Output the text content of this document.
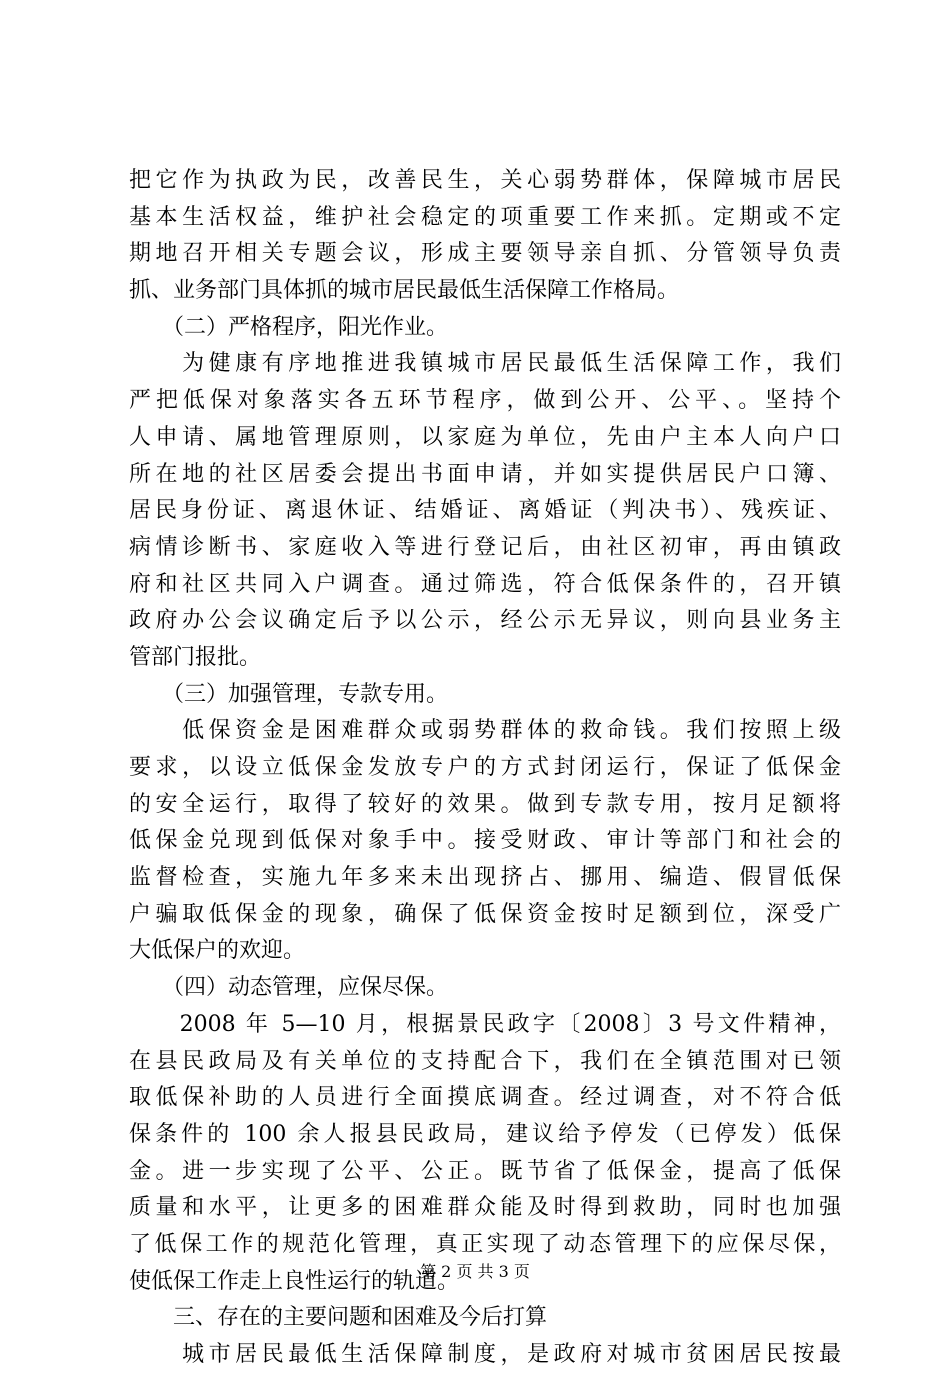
把它作为执政为民，改善民生，关心弱势群体，保障城市居民
基本生活权益，维护社会稳定的项重要工作来抓。定期或不定
期地召开相关专题会议，形成主要领导亲自抓、分管领导负责
抓、业务部门具体抓的城市居民最低生活保障工作格局。
　　（二）严格程序，阳光作业。
　　为健康有序地推进我镇城市居民最低生活保障工作，我们
严把低保对象落实各五环节程序，做到公开、公平、。坚持个
人申请、属地管理原则，以家庭为单位，先由户主本人向户口
所在地的社区居委会提出书面申请，并如实提供居民户口簿、
居民身份证、离退休证、结婚证、离婚证（判决书）、残疾证、
病情诊断书、家庭收入等进行登记后，由社区初审，再由镇政
府和社区共同入户调查。通过筛选，符合低保条件的，召开镇
政府办公会议确定后予以公示，经公示无异议，则向县业务主
管部门报批。
　　（三）加强管理，专款专用。
　　低保资金是困难群众或弱势群体的救命钱。我们按照上级
要求，以设立低保金发放专户的方式封闭运行，保证了低保金
的安全运行，取得了较好的效果。做到专款专用，按月足额将
低保金兑现到低保对象手中。接受财政、审计等部门和社会的
监督检查，实施九年多来未出现挤占、挪用、编造、假冒低保
户骗取低保金的现象，确保了低保资金按时足额到位，深受广
大低保户的欢迎。
　　（四）动态管理，应保尽保。
　　2008 年 5—10 月，根据景民政字〔2008〕3 号文件精神，
在县民政局及有关单位的支持配合下，我们在全镇范围对已领
取低保补助的人员进行全面摸底调查。经过调查，对不符合低
保条件的 100 余人报县民政局，建议给予停发（已停发）低保
金。进一步实现了公平、公正。既节省了低保金，提高了低保
质量和水平，让更多的困难群众能及时得到救助，同时也加强
了低保工作的规范化管理，真正实现了动态管理下的应保尽保，
使低保工作走上良性运行的轨道。
　　三、存在的主要问题和困难及今后打算
　　城市居民最低生活保障制度，是政府对城市贫困居民按最
第 2 页 共 3 页
